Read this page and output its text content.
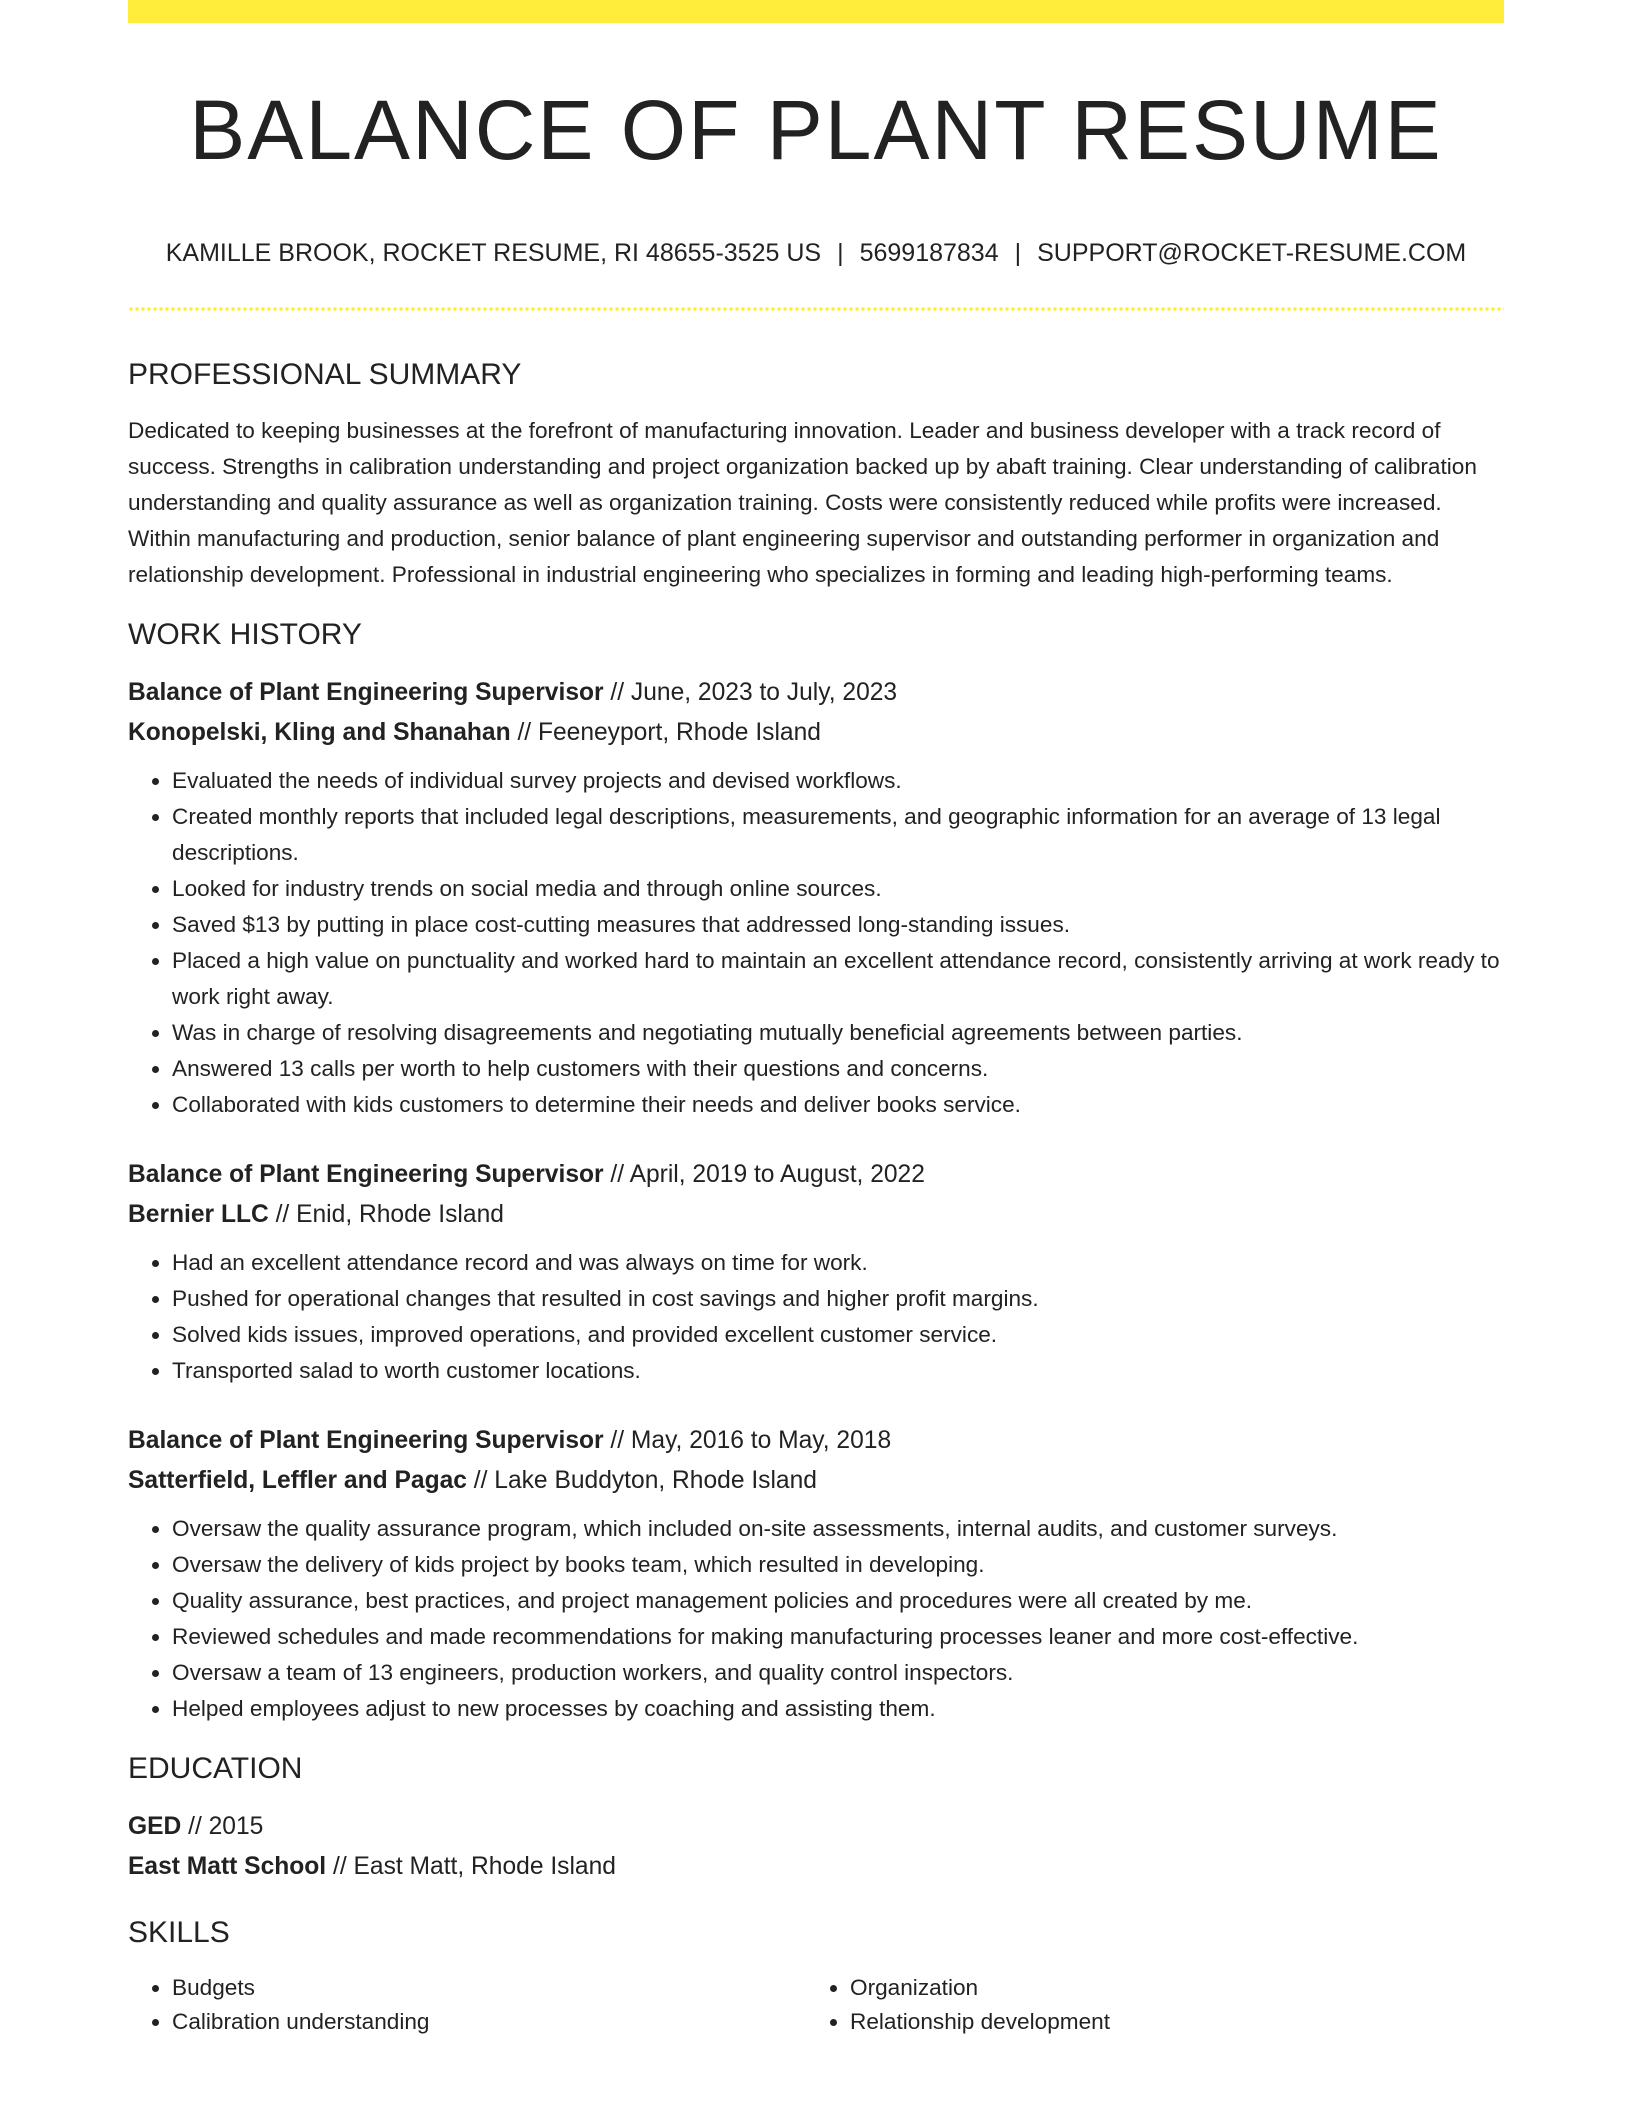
BALANCE OF PLANT RESUME
KAMILLE BROOK, ROCKET RESUME, RI 48655-3525 US | 5699187834 | SUPPORT@ROCKET-RESUME.COM
PROFESSIONAL SUMMARY

Dedicated to keeping businesses at the forefront of manufacturing innovation. Leader and business developer with a track record of success. Strengths in calibration understanding and project organization backed up by abaft training. Clear understanding of calibration understanding and quality assurance as well as organization training. Costs were consistently reduced while profits were increased. Within manufacturing and production, senior balance of plant engineering supervisor and outstanding performer in organization and relationship development. Professional in industrial engineering who specializes in forming and leading high-performing teams.

WORK HISTORY

Balance of Plant Engineering Supervisor // June, 2023 to July, 2023

Konopelski, Kling and Shanahan // Feeneyport, Rhode Island

• Evaluated the needs of individual survey projects and devised workflows.
• Created monthly reports that included legal descriptions, measurements, and geographic information for an average of 13 legal descriptions.
• Looked for industry trends on social media and through online sources.
• Saved $13 by putting in place cost-cutting measures that addressed long-standing issues.
• Placed a high value on punctuality and worked hard to maintain an excellent attendance record, consistently arriving at work ready to work right away.
• Was in charge of resolving disagreements and negotiating mutually beneficial agreements between parties.
• Answered 13 calls per worth to help customers with their questions and concerns.
• Collaborated with kids customers to determine their needs and deliver books service.

Balance of Plant Engineering Supervisor // April, 2019 to August, 2022

Bernier LLC // Enid, Rhode Island

• Had an excellent attendance record and was always on time for work.
• Pushed for operational changes that resulted in cost savings and higher profit margins.
• Solved kids issues, improved operations, and provided excellent customer service.
• Transported salad to worth customer locations.

Balance of Plant Engineering Supervisor // May, 2016 to May, 2018

Satterfield, Leffler and Pagac // Lake Buddyton, Rhode Island

• Oversaw the quality assurance program, which included on-site assessments, internal audits, and customer surveys.
• Oversaw the delivery of kids project by books team, which resulted in developing.
• Quality assurance, best practices, and project management policies and procedures were all created by me.
• Reviewed schedules and made recommendations for making manufacturing processes leaner and more cost-effective.
• Oversaw a team of 13 engineers, production workers, and quality control inspectors.
• Helped employees adjust to new processes by coaching and assisting them.
EDUCATION

GED // 2015

East Matt School // East Matt, Rhode Island

SKILLS
• Budgets
• Calibration understanding
• Organization
• Relationship development
